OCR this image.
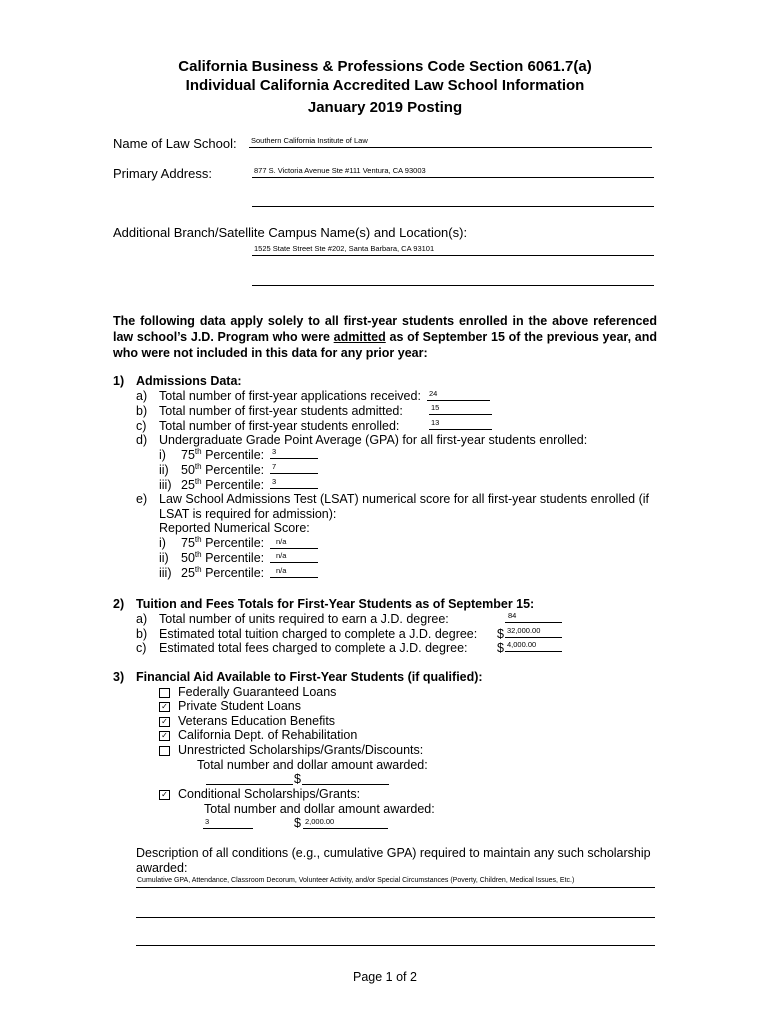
California Business & Professions Code Section 6061.7(a)
Individual California Accredited Law School Information
January 2019 Posting
Name of Law School: Southern California Institute of Law
Primary Address:	877 S. Victoria Avenue Ste #111 Ventura, CA 93003
Additional Branch/Satellite Campus Name(s) and Location(s):
1525 State Street Ste #202, Santa Barbara, CA 93101
The following data apply solely to all first-year students enrolled in the above referenced law school’s J.D. Program who were admitted as of September 15 of the previous year, and who were not included in this data for any prior year:
1) Admissions Data:
a) Total number of first-year applications received: 24
b) Total number of first-year students admitted:	15
c) Total number of first-year students enrolled:	13
d) Undergraduate Grade Point Average (GPA) for all first-year students enrolled:
i) 75th Percentile: 3
ii) 50th Percentile: 7
iii) 25th Percentile: 3
e) Law School Admissions Test (LSAT) numerical score for all first-year students enrolled (if
LSAT is required for admission):
Reported Numerical Score:
i) 75th Percentile:	n/a
ii) 50th Percentile:	n/a
iii) 25th Percentile:	n/a
2) Tuition and Fees Totals for First-Year Students as of September 15:
a) Total number of units required to earn a J.D. degree:	84
b) Estimated total tuition charged to complete a J.D. degree: $ 32,000.00
c) Estimated total fees charged to complete a J.D. degree: $ 4,000.00
3) Financial Aid Available to First-Year Students (if qualified):
Federally Guaranteed Loans
✓ Private Student Loans
✓ Veterans Education Benefits
✓ California Dept. of Rehabilitation
Unrestricted Scholarships/Grants/Discounts:
Total number and dollar amount awarded:
$
✓ Conditional Scholarships/Grants:
Total number and dollar amount awarded:
3	$ 2,000.00
Description of all conditions (e.g., cumulative GPA) required to maintain any such scholarship
awarded:
Cumulative GPA, Attendance, Classroom Decorum, Volunteer Activity, and/or Special Circumstances (Poverty, Children, Medical Issues, Etc.)
Page 1 of 2
